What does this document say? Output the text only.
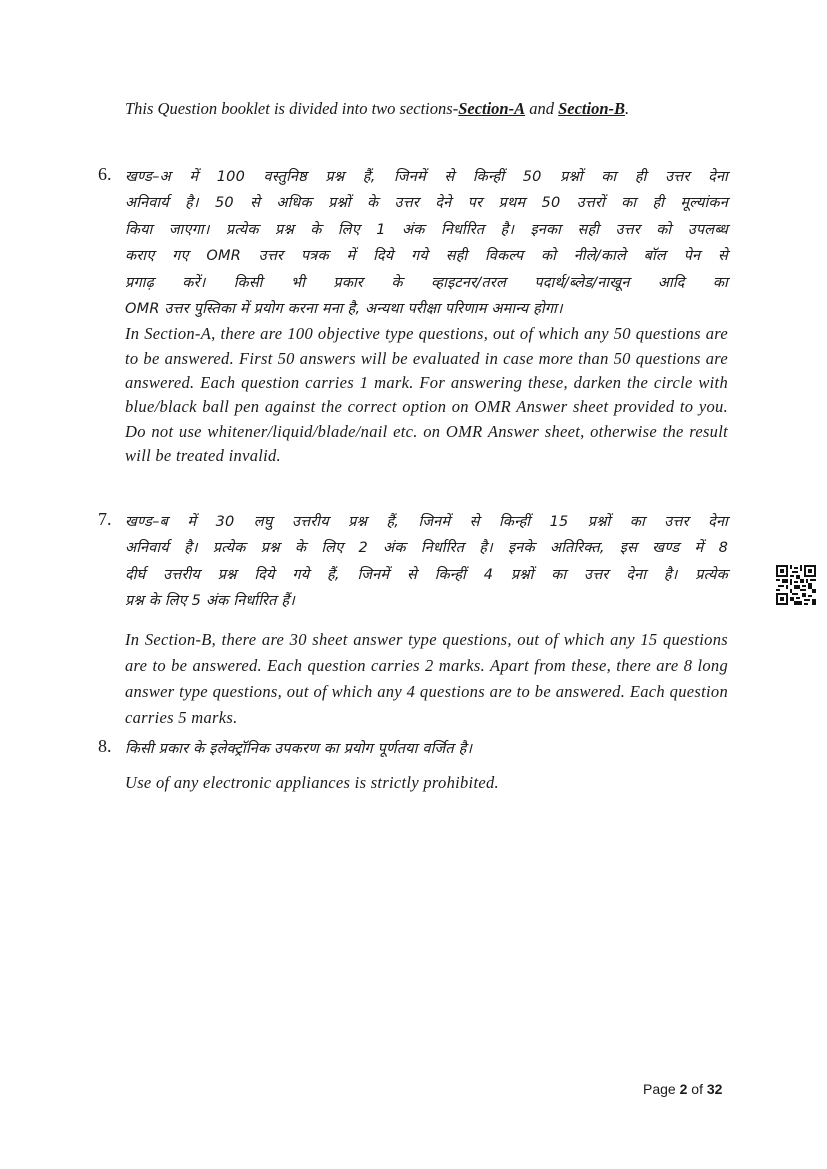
This Question booklet is divided into two sections-Section-A and Section-B.
6. खण्ड–अ में 100 वस्तुनिष्ठ प्रश्न हैं, जिनमें से किन्हीं 50 प्रश्नों का ही उत्तर देना
अनिवार्य है। 50 से अधिक प्रश्नों के उत्तर देने पर प्रथम 50 उत्तरों का ही मूल्यांकन
किया जाएगा। प्रत्येक प्रश्न के लिए 1 अंक निर्धारित है। इनका सही उत्तर को उपलब्ध
कराए गए OMR उत्तर पत्रक में दिये गये सही विकल्प को नीले/काले बॉल पेन से
प्रगाढ़ करें। किसी भी प्रकार के व्हाइटनर/तरल पदार्थ/ब्लेड/नाखून आदि का
OMR उत्तर पुस्तिका में प्रयोग करना मना है, अन्यथा परीक्षा परिणाम अमान्य होगा।
In Section-A, there are 100 objective type questions, out of which any 50 questions are to be answered. First 50 answers will be evaluated in case more than 50 questions are answered. Each question carries 1 mark. For answering these, darken the circle with blue/black ball pen against the correct option on OMR Answer sheet provided to you. Do not use whitener/liquid/blade/nail etc. on OMR Answer sheet, otherwise the result will be treated invalid.
7. खण्ड–ब में 30 लघु उत्तरीय प्रश्न हैं, जिनमें से किन्हीं 15 प्रश्नों का उत्तर देना
अनिवार्य है। प्रत्येक प्रश्न के लिए 2 अंक निर्धारित है। इनके अतिरिक्त, इस खण्ड में 8
दीर्घ उत्तरीय प्रश्न दिये गये हैं, जिनमें से किन्हीं 4 प्रश्नों का उत्तर देना है। प्रत्येक
प्रश्न के लिए 5 अंक निर्धारित हैं।
In Section-B, there are 30 sheet answer type questions, out of which any 15 questions are to be answered. Each question carries 2 marks. Apart from these, there are 8 long answer type questions, out of which any 4 questions are to be answered. Each question carries 5 marks.
8. किसी प्रकार के इलेक्ट्रॉनिक उपकरण का प्रयोग पूर्णतया वर्जित है।
Use of any electronic appliances is strictly prohibited.
Page 2 of 32
